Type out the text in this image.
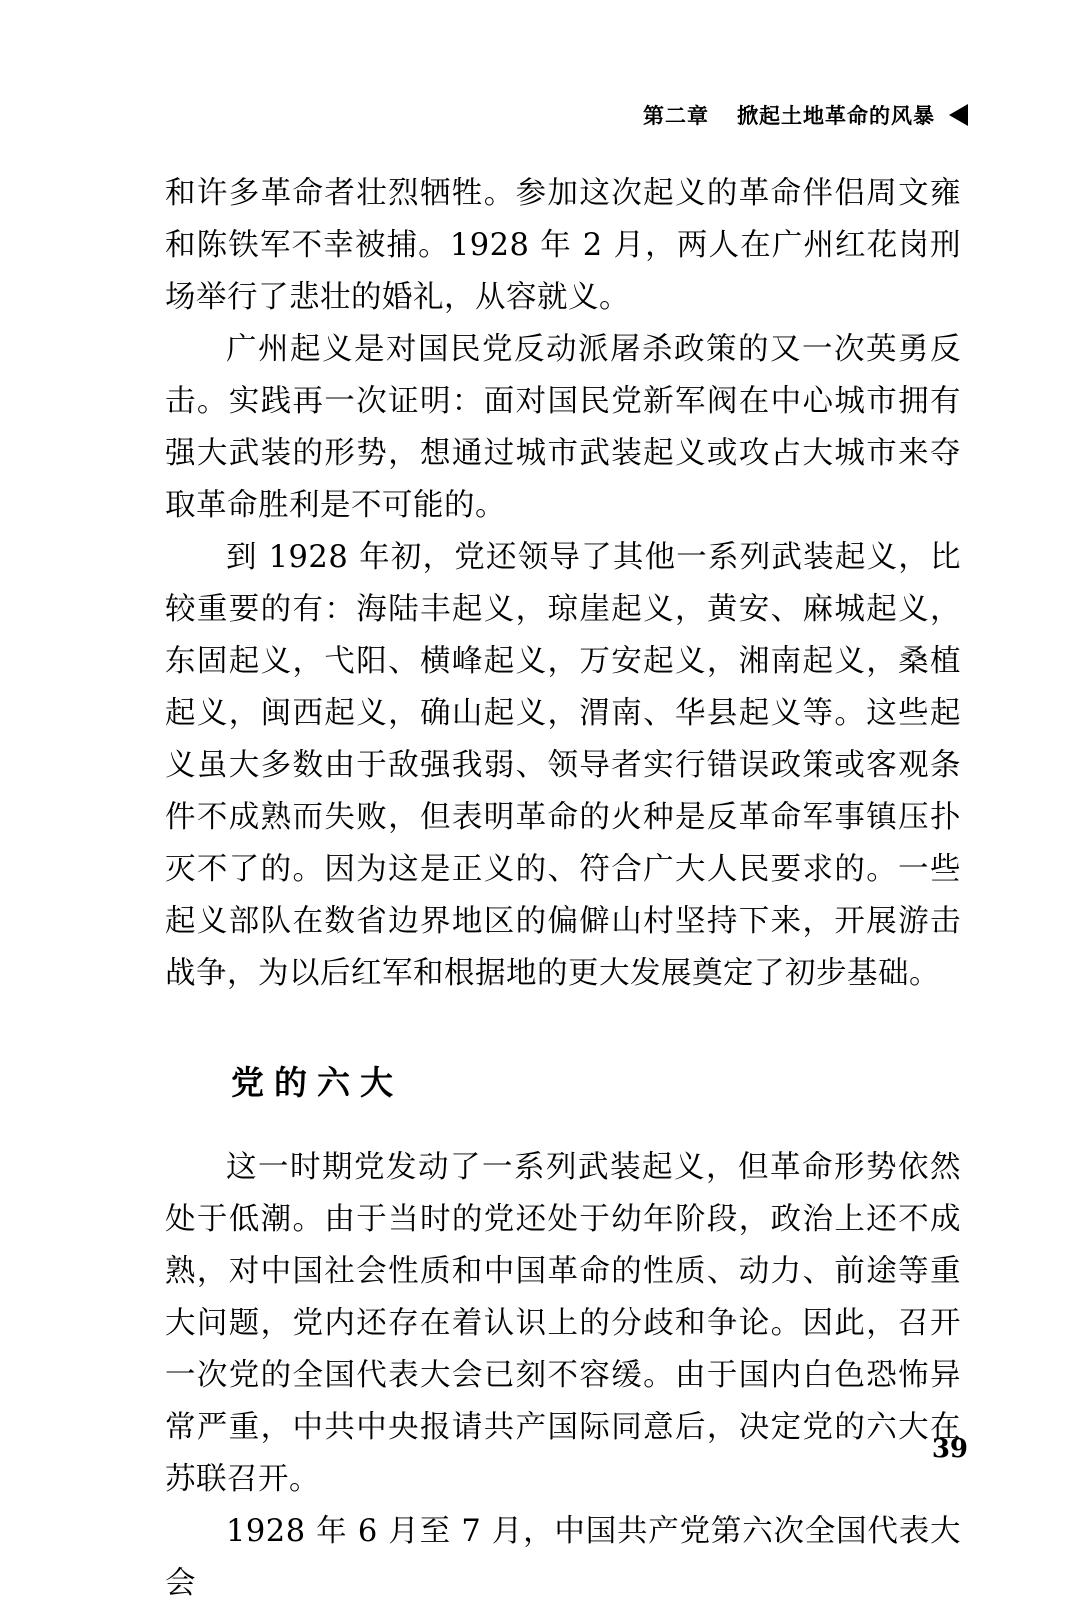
第二章 掀起土地革命的风暴

和许多革命者壮烈牺牲。参加这次起义的革命伴侣周文雍和陈铁军不幸被捕。1928 年 2 月，两人在广州红花岗刑场举行了悲壮的婚礼，从容就义。

广州起义是对国民党反动派屠杀政策的又一次英勇反击。实践再一次证明：面对国民党新军阀在中心城市拥有强大武装的形势，想通过城市武装起义或攻占大城市来夺取革命胜利是不可能的。

到 1928 年初，党还领导了其他一系列武装起义，比较重要的有：海陆丰起义，琼崖起义，黄安、麻城起义，东固起义，弋阳、横峰起义，万安起义，湘南起义，桑植起义，闽西起义，确山起义，渭南、华县起义等。这些起义虽大多数由于敌强我弱、领导者实行错误政策或客观条件不成熟而失败，但表明革命的火种是反革命军事镇压扑灭不了的。因为这是正义的、符合广大人民要求的。一些起义部队在数省边界地区的偏僻山村坚持下来，开展游击战争，为以后红军和根据地的更大发展奠定了初步基础。

党的六大

这一时期党发动了一系列武装起义，但革命形势依然处于低潮。由于当时的党还处于幼年阶段，政治上还不成熟，对中国社会性质和中国革命的性质、动力、前途等重大问题，党内还存在着认识上的分歧和争论。因此，召开一次党的全国代表大会已刻不容缓。由于国内白色恐怖异常严重，中共中央报请共产国际同意后，决定党的六大在苏联召开。

1928 年 6 月至 7 月，中国共产党第六次全国代表大会

39
